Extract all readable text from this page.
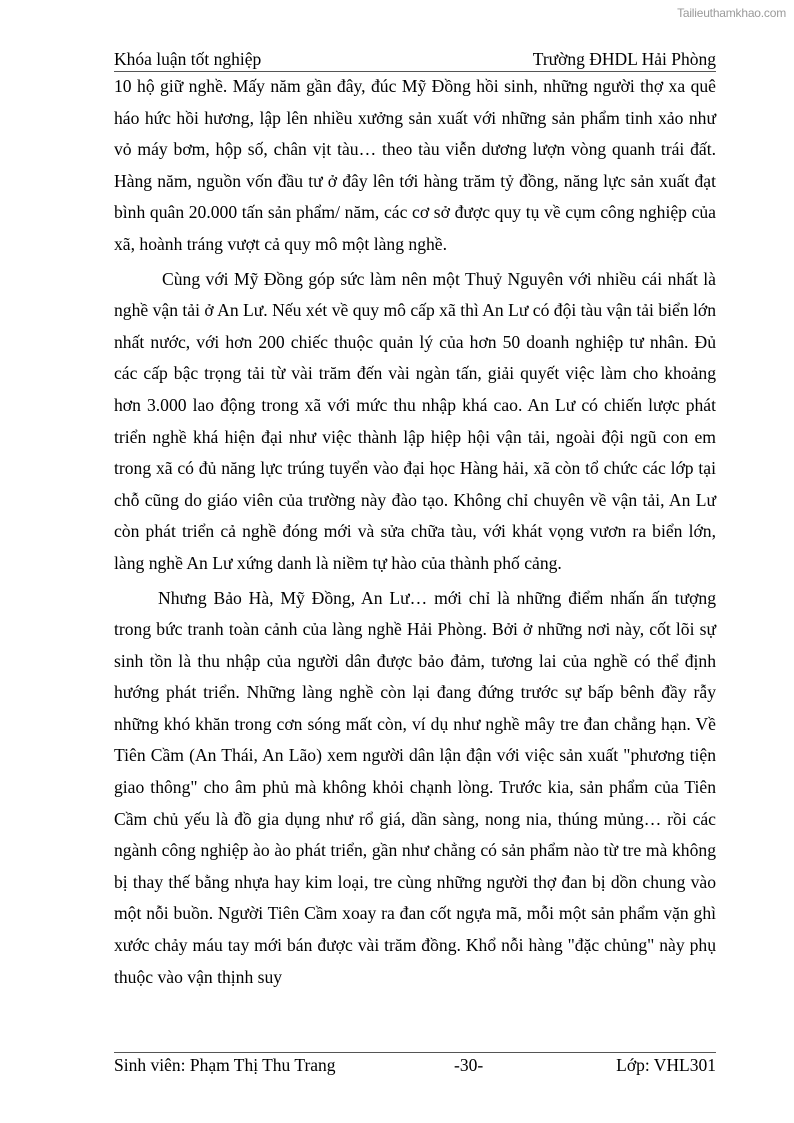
Tailieuthamkhao.com
Khóa luận tốt nghiệp	Trường ĐHDL Hải Phòng

10 hộ giữ nghề. Mấy năm gần đây, đúc Mỹ Đồng hồi sinh, những người thợ xa quê háo hức hồi hương, lập lên nhiều xưởng sản xuất với những sản phẩm tinh xảo như vỏ máy bơm, hộp số, chân vịt tàu… theo tàu viễn dương lượn vòng quanh trái đất. Hàng năm, nguồn vốn đầu tư ở đây lên tới hàng trăm tỷ đồng, năng lực sản xuất đạt bình quân 20.000 tấn sản phẩm/ năm, các cơ sở được quy tụ về cụm công nghiệp của xã, hoành tráng vượt cả quy mô một làng nghề.

Cùng với Mỹ Đồng góp sức làm nên một Thuỷ Nguyên với nhiều cái nhất là nghề vận tải ở An Lư. Nếu xét về quy mô cấp xã thì An Lư có đội tàu vận tải biển lớn nhất nước, với hơn 200 chiếc thuộc quản lý của hơn 50 doanh nghiệp tư nhân. Đủ các cấp bậc trọng tải từ vài trăm đến vài ngàn tấn, giải quyết việc làm cho khoảng hơn 3.000 lao động trong xã với mức thu nhập khá cao. An Lư có chiến lược phát triển nghề khá hiện đại như việc thành lập hiệp hội vận tải, ngoài đội ngũ con em trong xã có đủ năng lực trúng tuyển vào đại học Hàng hải, xã còn tổ chức các lớp tại chỗ cũng do giáo viên của trường này đào tạo. Không chỉ chuyên về vận tải, An Lư còn phát triển cả nghề đóng mới và sửa chữa tàu, với khát vọng vươn ra biển lớn, làng nghề An Lư xứng danh là niềm tự hào của thành phố cảng.

Nhưng Bảo Hà, Mỹ Đồng, An Lư… mới chỉ là những điểm nhấn ấn tượng trong bức tranh toàn cảnh của làng nghề Hải Phòng. Bởi ở những nơi này, cốt lõi sự sinh tồn là thu nhập của người dân được bảo đảm, tương lai của nghề có thể định hướng phát triển. Những làng nghề còn lại đang đứng trước sự bấp bênh đầy rẫy những khó khăn trong cơn sóng mất còn, ví dụ như nghề mây tre đan chẳng hạn. Về Tiên Cầm (An Thái, An Lão) xem người dân lận đận với việc sản xuất "phương tiện giao thông" cho âm phủ mà không khỏi chạnh lòng. Trước kia, sản phẩm của Tiên Cầm chủ yếu là đồ gia dụng như rổ giá, dần sàng, nong nia, thúng mủng… rồi các ngành công nghiệp ào ào phát triển, gần như chẳng có sản phẩm nào từ tre mà không bị thay thế bằng nhựa hay kim loại, tre cùng những người thợ đan bị dồn chung vào một nỗi buồn. Người Tiên Cầm xoay ra đan cốt ngựa mã, mỗi một sản phẩm vặn ghì xước chảy máu tay mới bán được vài trăm đồng. Khổ nỗi hàng "đặc chủng" này phụ thuộc vào vận thịnh suy

Sinh viên: Phạm Thị Thu Trang	-30-	Lớp: VHL301
